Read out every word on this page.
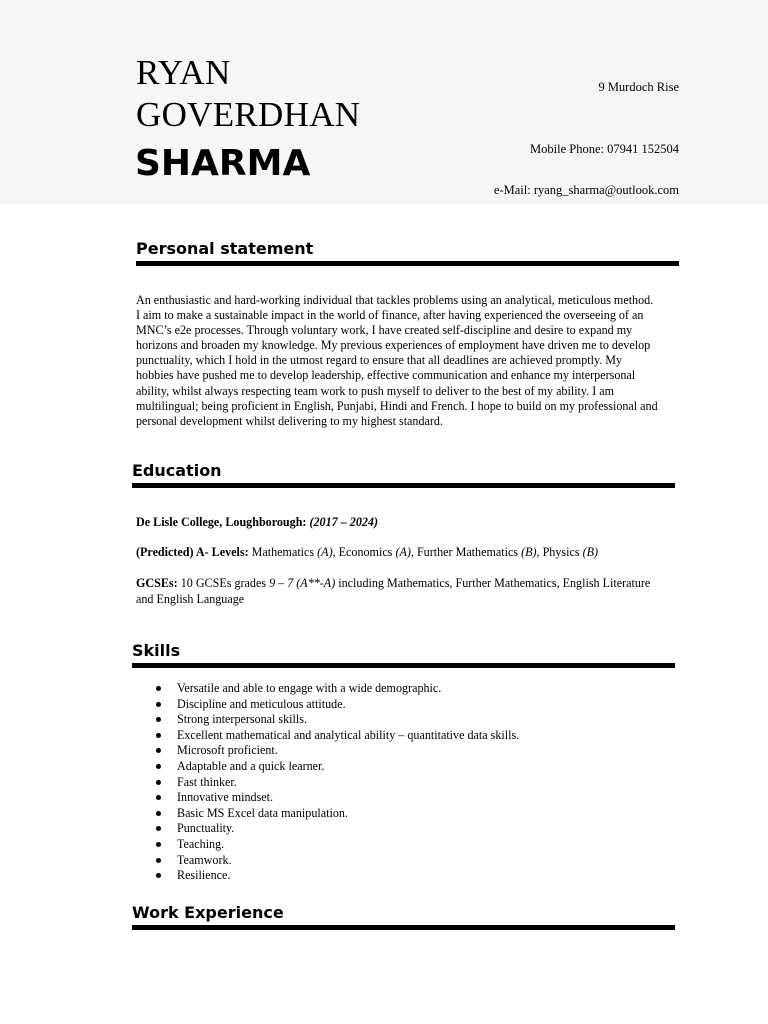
RYAN
GOVERDHAN
SHARMA
9 Murdoch Rise
Mobile Phone: 07941 152504
e-Mail: ryang_sharma@outlook.com
Personal statement
An enthusiastic and hard-working individual that tackles problems using an analytical, meticulous method.
I aim to make a sustainable impact in the world of finance, after having experienced the overseeing of an
MNC’s e2e processes. Through voluntary work, I have created self-discipline and desire to expand my
horizons and broaden my knowledge. My previous experiences of employment have driven me to develop
punctuality, which I hold in the utmost regard to ensure that all deadlines are achieved promptly. My
hobbies have pushed me to develop leadership, effective communication and enhance my interpersonal
ability, whilst always respecting team work to push myself to deliver to the best of my ability. I am
multilingual; being proficient in English, Punjabi, Hindi and French. I hope to build on my professional and
personal development whilst delivering to my highest standard.
Education

De Lisle College, Loughborough: (2017 – 2024)

(Predicted) A- Levels: Mathematics (A), Economics (A), Further Mathematics (B), Physics (B)

GCSEs: 10 GCSEs grades 9 – 7 (A**-A) including Mathematics, Further Mathematics, English Literature
and English Language

Skills
Versatile and able to engage with a wide demographic.
Discipline and meticulous attitude.
Strong interpersonal skills.
Excellent mathematical and analytical ability – quantitative data skills.
Microsoft proficient.
Adaptable and a quick learner.
Fast thinker.
Innovative mindset.
Basic MS Excel data manipulation.
Punctuality.
Teaching.
Teamwork.
Resilience.
Work Experience
